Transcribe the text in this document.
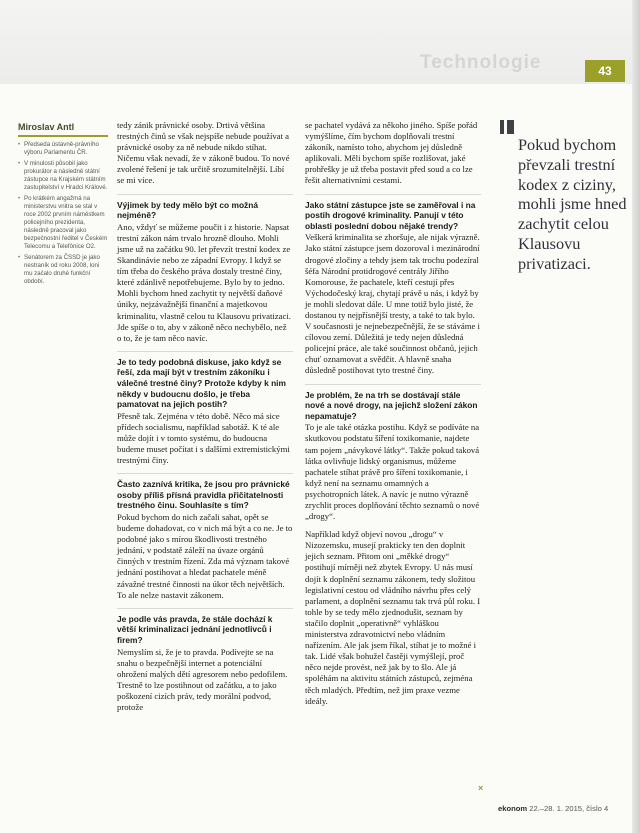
Technologie	43
Miroslav Antl
• Předseda ústavně-právního výboru Parlamentu ČR.
• V minulosti působil jako prokurátor a následně státní zástupce na Krajském státním zastupitelství v Hradci Králové.
• Po krátkém angažmá na ministerstvu vnitra se stal v roce 2002 prvním náměstkem policejního prezidenta, následně pracoval jako bezpečnostní ředitel v Českém Telecomu a Telefónice O2.
• Senátorem za ČSSD je jako nestraník od roku 2008, loni mu začalo druhé funkční období.

tedy zánik právnické osoby. Drtivá většina trestných činů se však nejspíše nebude používat a právnické osoby za ně nebude nikdo stíhat. Ničemu však nevadí, že v zákoně budou. To nové zvolené řešení je tak určitě srozumitelnější. Líbí se mi více.

Výjimek by tedy mělo být co možná nejméně?

Ano, vždyť se můžeme poučit i z historie. Napsat trestní zákon nám trvalo hrozně dlouho. Mohli jsme už na začátku 90. let převzít trestní kodex ze Skandinávie nebo ze západní Evropy. I když se tím třeba do českého práva dostaly trestné činy, které zdánlivě nepotřebujeme. Bylo by to jedno. Mohli bychom hned zachytit ty největší daňové úniky, nejzávažnější finanční a majetkovou kriminalitu, vlastně celou tu Klausovu privatizaci. Jde spíše o to, aby v zákoně něco nechybělo, než o to, že je tam něco navíc.

Je to tedy podobná diskuse, jako když se řeší, zda mají být v trestním zákoníku i válečné trestné činy? Protože kdyby k nim někdy v budoucnu došlo, je třeba pamatovat na jejich postih?

Přesně tak. Zejména v této době. Něco má sice přídech socialismu, například sabotáž. K té ale může dojít i v tomto systému, do budoucna budeme muset počítat i s dalšími extremistickými trestnými činy.

Často zaznívá kritika, že jsou pro právnické osoby příliš přísná pravidla přičitatelnosti trestného činu. Souhlasíte s tím?

Pokud bychom do nich začali sahat, opět se budeme dohadovat, co v nich má být a co ne. Je to podobné jako s mírou škodlivosti trestného jednání, v podstatě záleží na úvaze orgánů činných v trestním řízení. Zda má význam takové jednání postihovat a hledat pachatele méně závažné trestné činnosti na úkor těch největších. To ale nelze nastavit zákonem.

Je podle vás pravda, že stále dochází k větší kriminalizaci jednání jednotlivců i firem?

Nemyslím si, že je to pravda. Podívejte se na snahu o bezpečnější internet a potenciální ohrožení malých dětí agresorem nebo pedofilem. Trestně to lze postihnout od začátku, a to jako poškození cizích práv, tedy morální podvod, protože

se pachatel vydává za někoho jiného. Spíše pořád vymýšlíme, čím bychom doplňovali trestní zákoník, namísto toho, abychom jej důsledně aplikovali. Měli bychom spíše rozlišovat, jaké prohřešky je už třeba postavit před soud a co lze řešit alternativními cestami.

Jako státní zástupce jste se zaměřoval i na postih drogové kriminality. Panují v této oblasti poslední dobou nějaké trendy?

Veškerá kriminalita se zhoršuje, ale nijak výrazně. Jako státní zástupce jsem dozoroval i mezinárodní drogové zločiny a tehdy jsem tak trochu podezíral šéfa Národní protidrogové centrály Jiřího Komorouse, že pachatele, kteří cestují přes Východočeský kraj, chytají právě u nás, i když by je mohli sledovat dále. U mne totiž bylo jisté, že dostanou ty nejpřísnější tresty, a také to tak bylo. V současnosti je nejnebezpečnější, že se stáváme i cílovou zemí. Důležitá je tedy nejen důsledná policejní práce, ale také součinnost občanů, jejich chuť oznamovat a svědčit. A hlavně snaha důsledně postihovat tyto trestné činy.

Je problém, že na trh se dostávají stále nové a nové drogy, na jejichž složení zákon nepamatuje?

To je ale také otázka postihu. Když se podíváte na skutkovou podstatu šíření toxikomanie, najdete tam pojem „návykové látky“. Takže pokud taková látka ovlivňuje lidský organismus, můžeme pachatele stíhat právě pro šíření toxikomanie, i když není na seznamu omamných a psychotropních látek. A navíc je nutno výrazně zrychlit proces doplňování těchto seznamů o nové „drogy“.

Například když objeví novou „drogu“ v Nizozemsku, musejí prakticky ten den doplnit jejich seznam. Přitom oni „měkké drogy“ postihují mírněji než zbytek Evropy. U nás musí dojít k doplnění seznamu zákonem, tedy složitou legislativní cestou od vládního návrhu přes celý parlament, a doplnění seznamu tak trvá půl roku. I tohle by se tedy mělo zjednodušit, seznam by stačilo doplnit „operativně“ vyhláškou ministerstva zdravotnictví nebo vládním nařízením. Ale jak jsem říkal, stíhat je to možné i tak. Lidé však bohužel častěji vymýšlejí, proč něco nejde provést, než jak by to šlo. Ale já spoléhám na aktivitu státních zástupců, zejména těch mladých. Předtím, než jim praxe vezme ideály.

×
Pokud bychom převzali trestní kodex z ciziny, mohli jsme hned zachytit celou Klausovu privatizaci.
ekonom 22.–28. 1. 2015, číslo 4
